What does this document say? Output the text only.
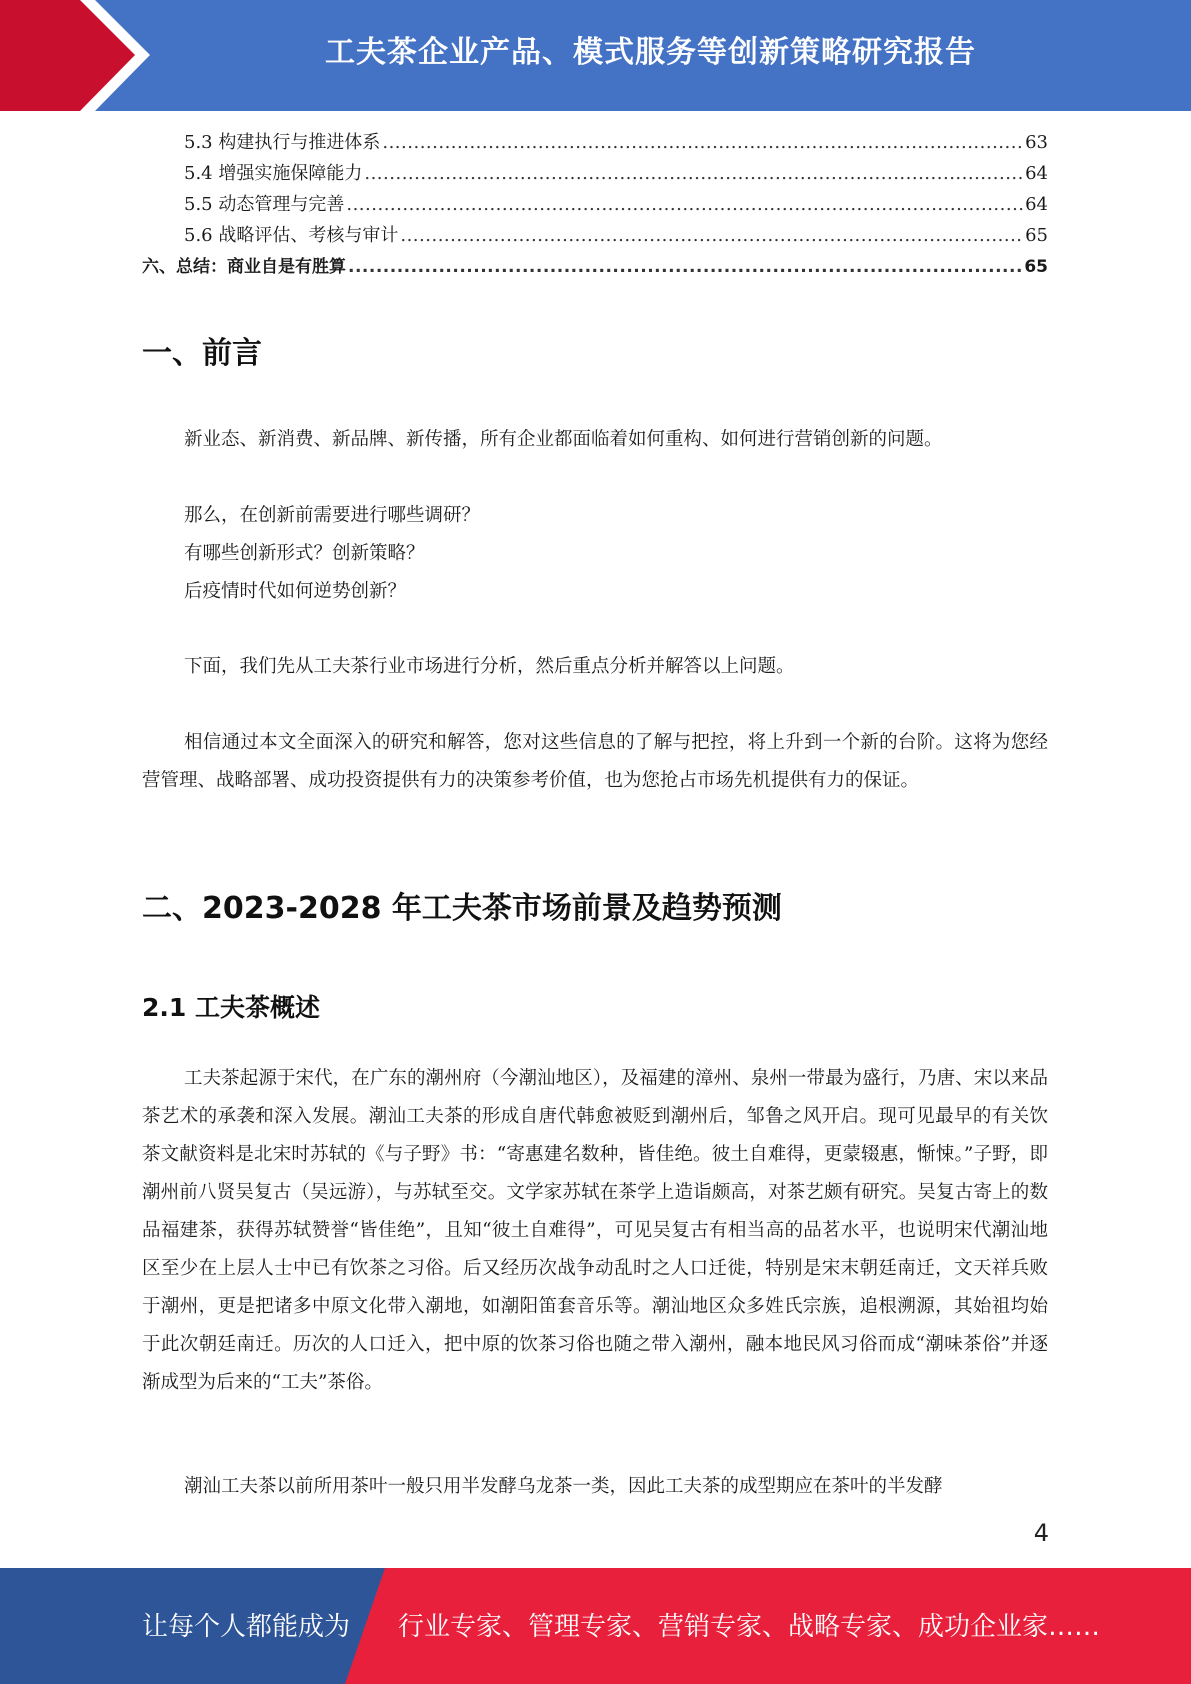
工夫茶企业产品、模式服务等创新策略研究报告
5.3 构建执行与推进体系 .....	63
5.4 增强实施保障能力 .....	64
5.5 动态管理与完善 .....	64
5.6 战略评估、考核与审计 .....	65
六、总结：商业自是有胜算 .....	65
一、前言

新业态、新消费、新品牌、新传播，所有企业都面临着如何重构、如何进行营销创新的问题。

那么，在创新前需要进行哪些调研？
有哪些创新形式？创新策略？
后疫情时代如何逆势创新？

下面，我们先从工夫茶行业市场进行分析，然后重点分析并解答以上问题。

相信通过本文全面深入的研究和解答，您对这些信息的了解与把控，将上升到一个新的台阶。这将为您经营管理、战略部署、成功投资提供有力的决策参考价值，也为您抢占市场先机提供有力的保证。

二、2023-2028 年工夫茶市场前景及趋势预测
2.1 工夫茶概述

工夫茶起源于宋代，在广东的潮州府（今潮汕地区），及福建的漳州、泉州一带最为盛行，乃唐、宋以来品茶艺术的承袭和深入发展。潮汕工夫茶的形成自唐代韩愈被贬到潮州后，邹鲁之风开启。现可见最早的有关饮茶文献资料是北宋时苏轼的《与子野》书：“寄惠建名数种，皆佳绝。彼土自难得，更蒙辍惠，惭悚。”子野，即潮州前八贤吴复古（吴远游），与苏轼至交。文学家苏轼在茶学上造诣颇高，对茶艺颇有研究。吴复古寄上的数品福建茶，获得苏轼赞誉“皆佳绝”，且知“彼土自难得”，可见吴复古有相当高的品茗水平，也说明宋代潮汕地区至少在上层人士中已有饮茶之习俗。后又经历次战争动乱时之人口迁徙，特别是宋末朝廷南迁，文天祥兵败于潮州，更是把诸多中原文化带入潮地，如潮阳笛套音乐等。潮汕地区众多姓氏宗族，追根溯源，其始祖均始于此次朝廷南迁。历次的人口迁入，把中原的饮茶习俗也随之带入潮州，融本地民风习俗而成“潮味茶俗”并逐渐成型为后来的“工夫”茶俗。

潮汕工夫茶以前所用茶叶一般只用半发酵乌龙茶一类，因此工夫茶的成型期应在茶叶的半发酵

4
让每个人都能成为 行业专家、管理专家、营销专家、战略专家、成功企业家……
